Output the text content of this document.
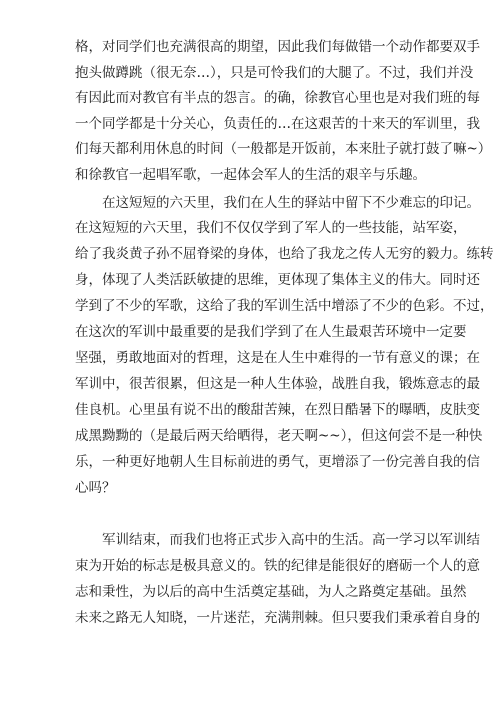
格，对同学们也充满很高的期望，因此我们每做错一个动作都要双手
抱头做蹲跳（很无奈…），只是可怜我们的大腿了。不过，我们并没
有因此而对教官有半点的怨言。的确，徐教官心里也是对我们班的每
一个同学都是十分关心，负责任的…在这艰苦的十来天的军训里，我
们每天都利用休息的时间（一般都是开饭前，本来肚子就打鼓了嘛~）
和徐教官一起唱军歌，一起体会军人的生活的艰辛与乐趣。
在这短短的六天里，我们在人生的驿站中留下不少难忘的印记。
在这短短的六天里，我们不仅仅学到了军人的一些技能，站军姿，
给了我炎黄子孙不屈脊梁的身体，也给了我龙之传人无穷的毅力。练转
身，体现了人类活跃敏捷的思维，更体现了集体主义的伟大。同时还
学到了不少的军歌，这给了我的军训生活中增添了不少的色彩。不过，
在这次的军训中最重要的是我们学到了在人生最艰苦环境中一定要
坚强，勇敢地面对的哲理，这是在人生中难得的一节有意义的课；在
军训中，很苦很累，但这是一种人生体验，战胜自我，锻炼意志的最
佳良机。心里虽有说不出的酸甜苦辣，在烈日酷暑下的曝晒，皮肤变
成黑黝黝的（是最后两天给晒得，老天啊~~），但这何尝不是一种快
乐，一种更好地朝人生目标前进的勇气，更增添了一份完善自我的信
心吗？
军训结束，而我们也将正式步入高中的生活。高一学习以军训结
束为开始的标志是极具意义的。铁的纪律是能很好的磨砺一个人的意
志和秉性，为以后的高中生活奠定基础，为人之路奠定基础。虽然
未来之路无人知晓，一片迷茫，充满荆棘。但只要我们秉承着自身的
